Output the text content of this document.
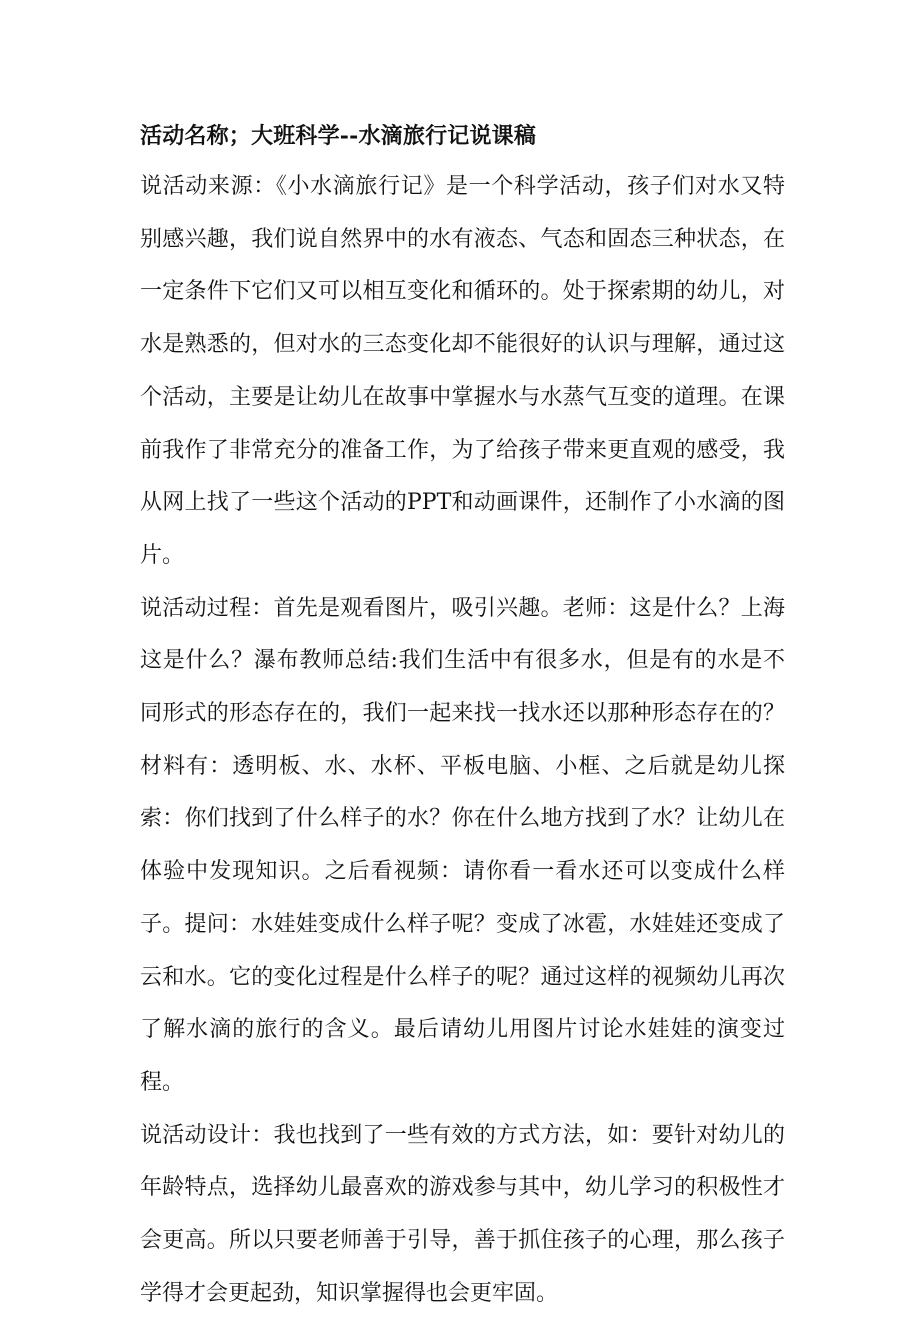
活动名称；大班科学--水滴旅行记说课稿

说活动来源：《小水滴旅行记》是一个科学活动，孩子们对水又特别感兴趣，我们说自然界中的水有液态、气态和固态三种状态，在一定条件下它们又可以相互变化和循环的。处于探索期的幼儿，对水是熟悉的，但对水的三态变化却不能很好的认识与理解，通过这个活动，主要是让幼儿在故事中掌握水与水蒸气互变的道理。在课前我作了非常充分的准备工作，为了给孩子带来更直观的感受，我从网上找了一些这个活动的PPT和动画课件，还制作了小水滴的图片。

说活动过程：首先是观看图片，吸引兴趣。老师：这是什么？上海这是什么？瀑布教师总结:我们生活中有很多水，但是有的水是不同形式的形态存在的，我们一起来找一找水还以那种形态存在的？材料有：透明板、水、水杯、平板电脑、小框、之后就是幼儿探索：你们找到了什么样子的水？你在什么地方找到了水？让幼儿在体验中发现知识。之后看视频：请你看一看水还可以变成什么样子。提问：水娃娃变成什么样子呢？变成了冰雹，水娃娃还变成了云和水。它的变化过程是什么样子的呢？通过这样的视频幼儿再次了解水滴的旅行的含义。最后请幼儿用图片讨论水娃娃的演变过程。

说活动设计：我也找到了一些有效的方式方法，如：要针对幼儿的年龄特点，选择幼儿最喜欢的游戏参与其中，幼儿学习的积极性才会更高。所以只要老师善于引导，善于抓住孩子的心理，那么孩子学得才会更起劲，知识掌握得也会更牢固。
